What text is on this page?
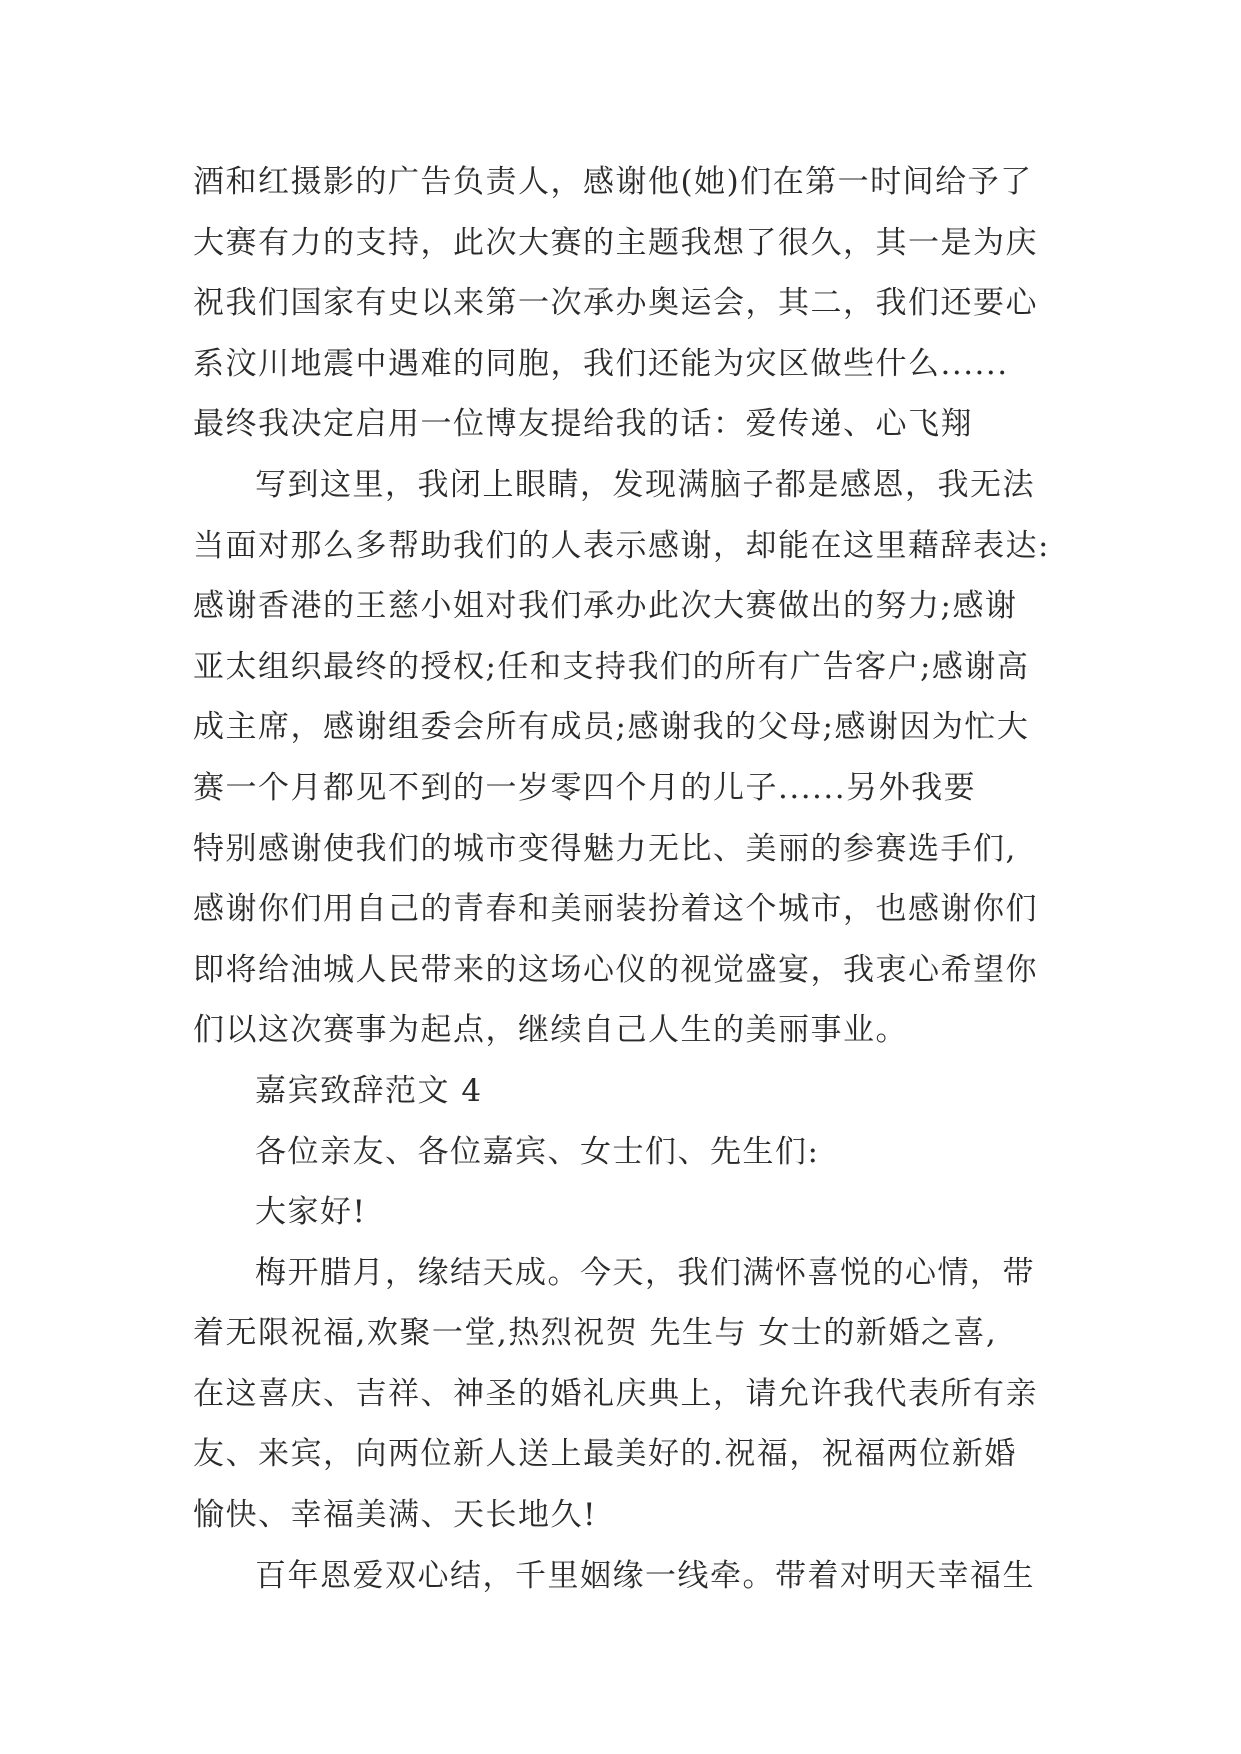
酒和红摄影的广告负责人，感谢他(她)们在第一时间给予了
大赛有力的支持，此次大赛的主题我想了很久，其一是为庆
祝我们国家有史以来第一次承办奥运会，其二，我们还要心
系汶川地震中遇难的同胞，我们还能为灾区做些什么......
最终我决定启用一位博友提给我的话：爱传递、心飞翔
写到这里，我闭上眼睛，发现满脑子都是感恩，我无法
当面对那么多帮助我们的人表示感谢，却能在这里藉辞表达:
感谢香港的王慈小姐对我们承办此次大赛做出的努力;感谢
亚太组织最终的授权;任和支持我们的所有广告客户;感谢高
成主席，感谢组委会所有成员;感谢我的父母;感谢因为忙大
赛一个月都见不到的一岁零四个月的儿子......另外我要
特别感谢使我们的城市变得魅力无比、美丽的参赛选手们,
感谢你们用自己的青春和美丽装扮着这个城市，也感谢你们
即将给油城人民带来的这场心仪的视觉盛宴，我衷心希望你
们以这次赛事为起点，继续自己人生的美丽事业。
嘉宾致辞范文 4
各位亲友、各位嘉宾、女士们、先生们:
大家好!
梅开腊月，缘结天成。今天，我们满怀喜悦的心情，带
着无限祝福,欢聚一堂,热烈祝贺 先生与 女士的新婚之喜,
在这喜庆、吉祥、神圣的婚礼庆典上，请允许我代表所有亲
友、来宾，向两位新人送上最美好的.祝福，祝福两位新婚
愉快、幸福美满、天长地久!
百年恩爱双心结，千里姻缘一线牵。带着对明天幸福生
